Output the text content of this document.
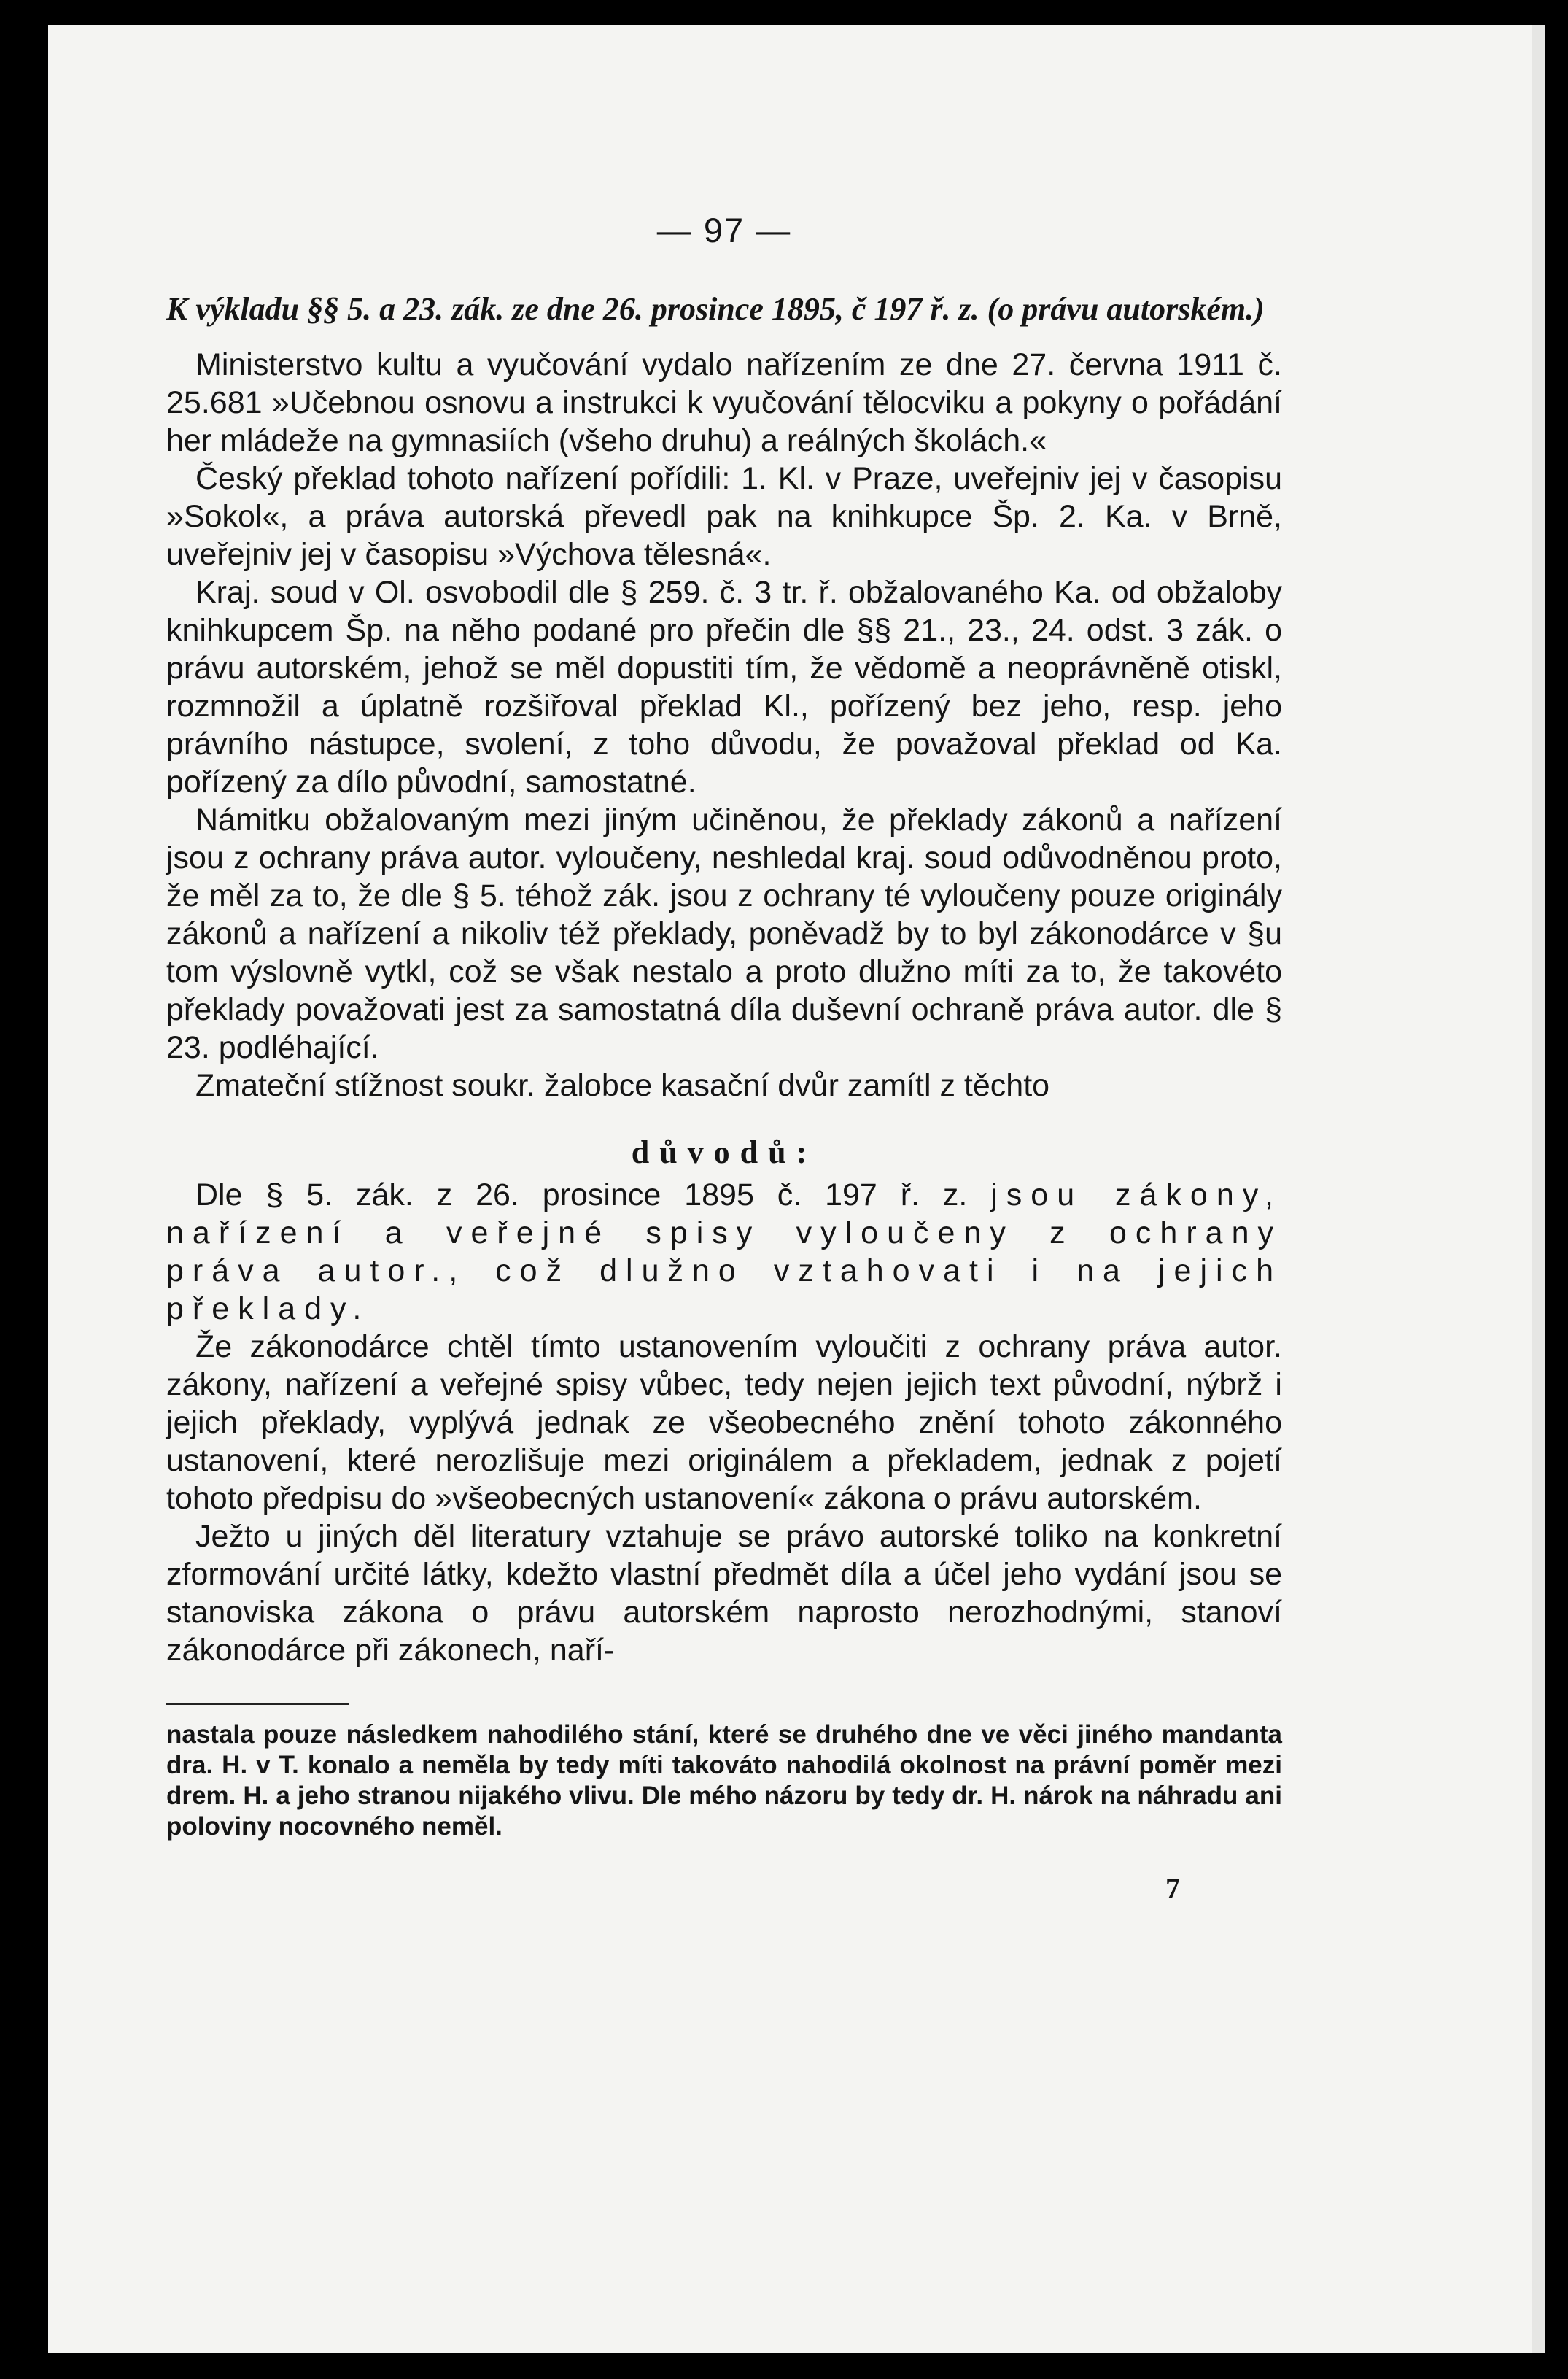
— 97 —

K výkladu §§ 5. a 23. zák. ze dne 26. prosince 1895, č 197 ř. z. (o právu autorském.)

Ministerstvo kultu a vyučování vydalo nařízením ze dne 27. června 1911 č. 25.681 »Učebnou osnovu a instrukci k vyučování tělocviku a pokyny o pořádání her mládeže na gymnasiích (všeho druhu) a reálných školách.«

Český překlad tohoto nařízení pořídili: 1. Kl. v Praze, uveřejniv jej v časopisu »Sokol«, a práva autorská převedl pak na knihkupce Šp. 2. Ka. v Brně, uveřejniv jej v časopisu »Výchova tělesná«.

Kraj. soud v Ol. osvobodil dle § 259. č. 3 tr. ř. obžalovaného Ka. od obžaloby knihkupcem Šp. na něho podané pro přečin dle §§ 21., 23., 24. odst. 3 zák. o právu autorském, jehož se měl dopustiti tím, že vědomě a neoprávněně otiskl, rozmnožil a úplatně rozšiřoval překlad Kl., pořízený bez jeho, resp. jeho právního nástupce, svolení, z toho důvodu, že považoval překlad od Ka. pořízený za dílo původní, samostatné.

Námitku obžalovaným mezi jiným učiněnou, že překlady zákonů a nařízení jsou z ochrany práva autor. vyloučeny, neshledal kraj. soud odůvodněnou proto, že měl za to, že dle § 5. téhož zák. jsou z ochrany té vyloučeny pouze originály zákonů a nařízení a nikoliv též překlady, poněvadž by to byl zákonodárce v §u tom výslovně vytkl, což se však nestalo a proto dlužno míti za to, že takovéto překlady považovati jest za samostatná díla duševní ochraně práva autor. dle § 23. podléhající.

Zmateční stížnost soukr. žalobce kasační dvůr zamítl z těchto

důvodů:

Dle § 5. zák. z 26. prosince 1895 č. 197 ř. z. jsou zákony, nařízení a veřejné spisy vyloučeny z ochrany práva autor., což dlužno vztahovati i na jejich překlady.

Že zákonodárce chtěl tímto ustanovením vyloučiti z ochrany práva autor. zákony, nařízení a veřejné spisy vůbec, tedy nejen jejich text původní, nýbrž i jejich překlady, vyplývá jednak ze všeobecného znění tohoto zákonného ustanovení, které nerozlišuje mezi originálem a překladem, jednak z pojetí tohoto předpisu do »všeobecných ustanovení« zákona o právu autorském.

Ježto u jiných děl literatury vztahuje se právo autorské toliko na konkretní zformování určité látky, kdežto vlastní předmět díla a účel jeho vydání jsou se stanoviska zákona o právu autorském naprosto nerozhodnými, stanoví zákonodárce při zákonech, naří-

nastala pouze následkem nahodilého stání, které se druhého dne ve věci jiného mandanta dra. H. v T. konalo a neměla by tedy míti takováto nahodilá okolnost na právní poměr mezi drem. H. a jeho stranou nijakého vlivu. Dle mého názoru by tedy dr. H. nárok na náhradu ani poloviny nocovného neměl.

7
